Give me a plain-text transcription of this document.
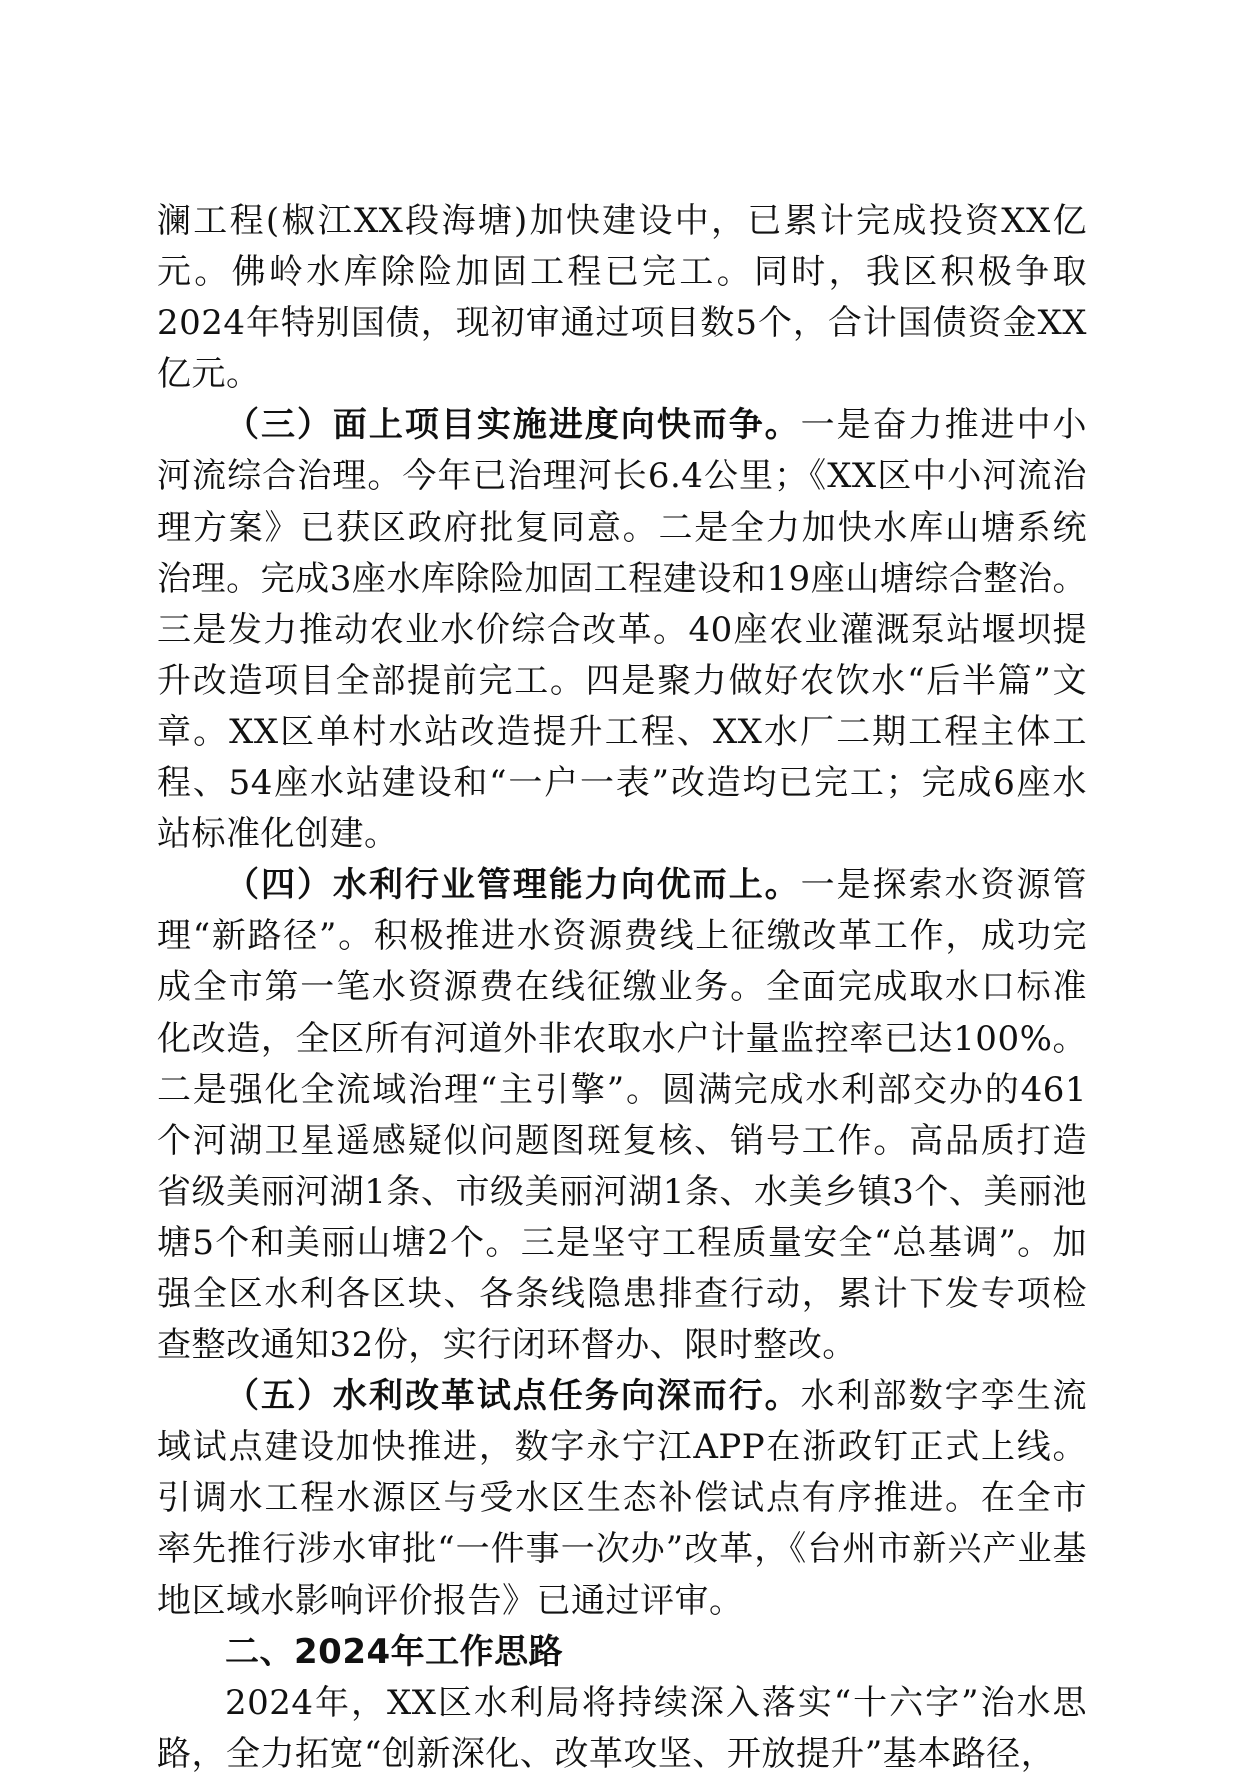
澜工程(椒江XX段海塘)加快建设中，已累计完成投资XX亿元。佛岭水库除险加固工程已完工。同时，我区积极争取2024年特别国债，现初审通过项目数5个，合计国债资金XX亿元。

（三）面上项目实施进度向快而争。一是奋力推进中小河流综合治理。今年已治理河长6.4公里；《XX区中小河流治理方案》已获区政府批复同意。二是全力加快水库山塘系统治理。完成3座水库除险加固工程建设和19座山塘综合整治。三是发力推动农业水价综合改革。40座农业灌溉泵站堰坝提升改造项目全部提前完工。四是聚力做好农饮水“后半篇”文章。XX区单村水站改造提升工程、XX水厂二期工程主体工程、54座水站建设和“一户一表”改造均已完工；完成6座水站标准化创建。

（四）水利行业管理能力向优而上。一是探索水资源管理“新路径”。积极推进水资源费线上征缴改革工作，成功完成全市第一笔水资源费在线征缴业务。全面完成取水口标准化改造，全区所有河道外非农取水户计量监控率已达100%。二是强化全流域治理“主引擎”。圆满完成水利部交办的461个河湖卫星遥感疑似问题图斑复核、销号工作。高品质打造省级美丽河湖1条、市级美丽河湖1条、水美乡镇3个、美丽池塘5个和美丽山塘2个。三是坚守工程质量安全“总基调”。加强全区水利各区块、各条线隐患排查行动，累计下发专项检查整改通知32份，实行闭环督办、限时整改。

（五）水利改革试点任务向深而行。水利部数字孪生流域试点建设加快推进，数字永宁江APP在浙政钉正式上线。引调水工程水源区与受水区生态补偿试点有序推进。在全市率先推行涉水审批“一件事一次办”改革，《台州市新兴产业基地区域水影响评价报告》已通过评审。

二、2024年工作思路

2024年，XX区水利局将持续深入落实“十六字”治水思路，全力拓宽“创新深化、改革攻坚、开放提升”基本路径，
